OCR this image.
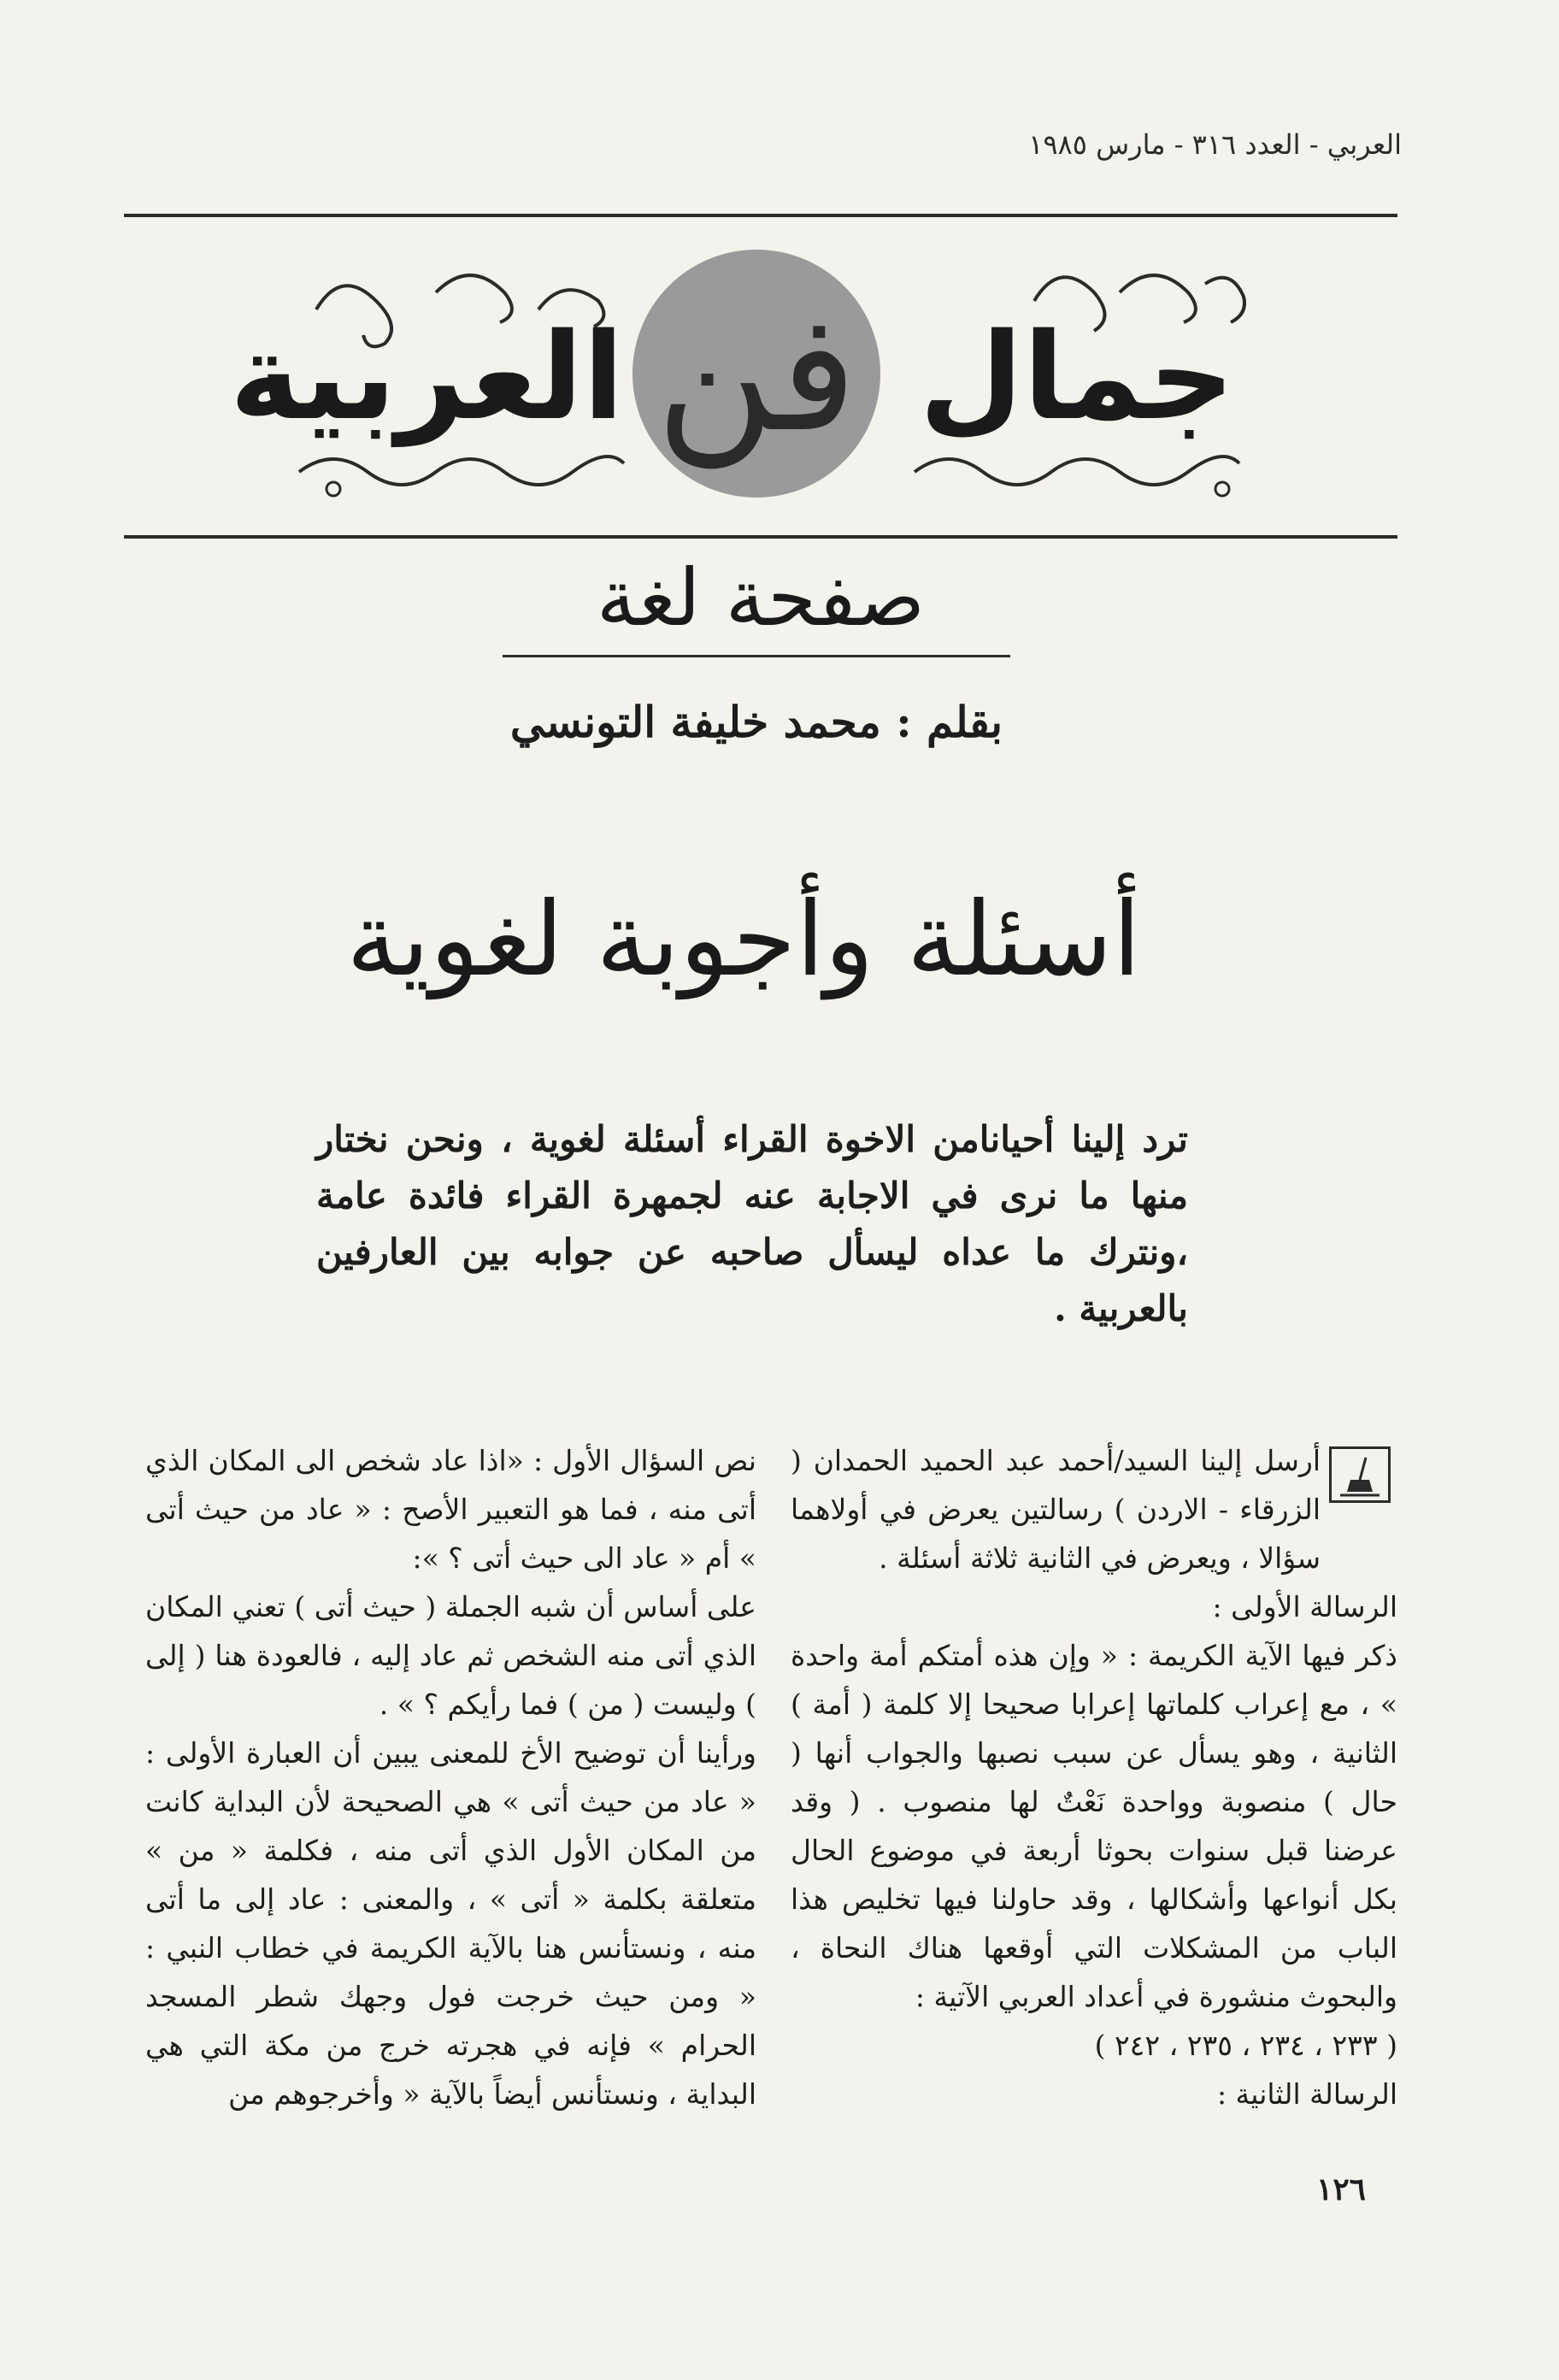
العربي - العدد ٣١٦ - مارس ١٩٨٥
العربية فن جمال
صفحة لغة
بقلم : محمد خليفة التونسي
أسئلة وأجوبة لغوية
ترد إلينا أحيانامن الاخوة القراء أسئلة لغوية ، ونحن نختار منها ما نرى في الاجابة عنه لجمهرة القراء فائدة عامة ،ونترك ما عداه ليسأل صاحبه عن جوابه بين العارفين بالعربية .

أرسل إلينا السيد/أحمد عبد الحميد الحمدان ( الزرقاء - الاردن ) رسالتين يعرض في أولاهما سؤالا ، ويعرض في الثانية ثلاثة أسئلة .

الرسالة الأولى :

ذكر فيها الآية الكريمة : « وإن هذه أمتكم أمة واحدة » ، مع إعراب كلماتها إعرابا صحيحا إلا كلمة ( أمة ) الثانية ، وهو يسأل عن سبب نصبها والجواب أنها ( حال ) منصوبة وواحدة نَعْتٌ لها منصوب . ( وقد عرضنا قبل سنوات بحوثا أربعة في موضوع الحال بكل أنواعها وأشكالها ، وقد حاولنا فيها تخليص هذا الباب من المشكلات التي أوقعها هناك النحاة ، والبحوث منشورة في أعداد العربي الآتية :

( ٢٣٣ ، ٢٣٤ ، ٢٣٥ ، ٢٤٢ )

الرسالة الثانية :

نص السؤال الأول : «اذا عاد شخص الى المكان الذي أتى منه ، فما هو التعبير الأصح : « عاد من حيث أتى » أم « عاد الى حيث أتى ؟ »:

على أساس أن شبه الجملة ( حيث أتى ) تعني المكان الذي أتى منه الشخص ثم عاد إليه ، فالعودة هنا ( إلى ) وليست ( من ) فما رأيكم ؟ » .

ورأينا أن توضيح الأخ للمعنى يبين أن العبارة الأولى : « عاد من حيث أتى » هي الصحيحة لأن البداية كانت من المكان الأول الذي أتى منه ، فكلمة « من » متعلقة بكلمة « أتى » ، والمعنى : عاد إلى ما أتى منه ، ونستأنس هنا بالآية الكريمة في خطاب النبي : « ومن حيث خرجت فول وجهك شطر المسجد الحرام » فإنه في هجرته خرج من مكة التي هي البداية ، ونستأنس أيضاً بالآية « وأخرجوهم من

١٢٦
